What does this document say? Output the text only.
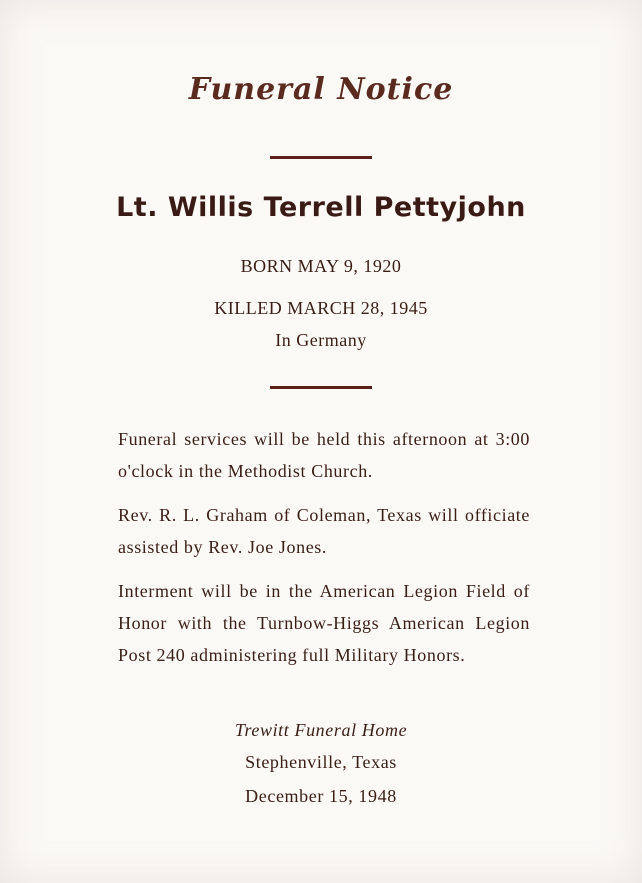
Funeral Notice
Lt. Willis Terrell Pettyjohn
BORN MAY 9, 1920
KILLED MARCH 28, 1945
In Germany
Funeral services will be held this afternoon at 3:00 o'clock in the Methodist Church.
Rev. R. L. Graham of Coleman, Texas will officiate assisted by Rev. Joe Jones.
Interment will be in the American Legion Field of Honor with the Turnbow-Higgs American Legion Post 240 administering full Military Honors.
Trewitt Funeral Home
Stephenville, Texas
December 15, 1948
